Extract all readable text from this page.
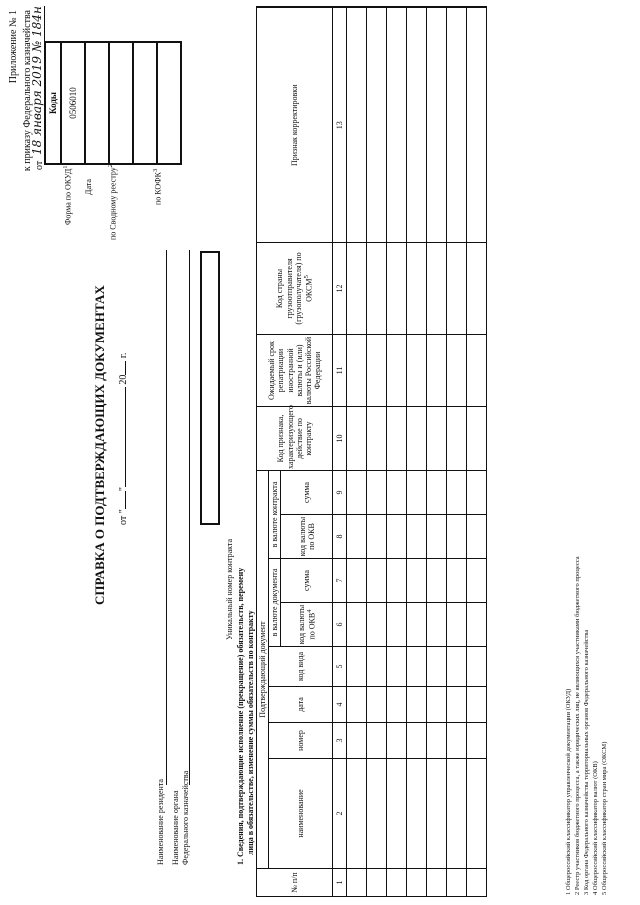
Приложение № 1 к приказу Федерального казначейства от
18 января 2019 № 184н Коды
0506010

Форма по ОКУД$^1$
Дата по Сводному реестру$^2$
по КОФК$^3$
СПРАВКА О ПОДТВЕРЖДАЮЩИХ ДОКУМЕНТАХ от "" 20 г.
Наименование резидента Наименование органа Федерального казначейства
Уникальный номер контракта 1. Сведения, подтверждающие исполнение (прекращение) обязательств, перемену лица в обязательстве, изменение суммы обязательств по контракту
№ п/п	Подтверждающий документ								Код признака, характеризующего действие по контракту	Ожидаемый срок репатриации иностранной валюты и (или) валюты Российской Федерации	Код страны грузоотправителя (грузополучателя) по ОКСМ$^5$	Признак корректировки
	наименование	номер	дата	код вида	в валюте документа		в валюте контракта					
					код валюты по ОКВ$^4$	сумма	код валюты по ОКВ	сумма				
1	2	3	4	5	6	7	8	9	10	11	12	13

1 Общероссийский классификатор управленческой документации (ОКУД) 2 Реестр участников бюджетного процесса, а также юридических лиц, не являющихся участниками бюджетного процесса 3 Код органа Федерального казначейства территориальных органов Федерального казначейства 4 Общероссийский классификатор валют (ОКВ) 5 Общероссийский классификатор стран мира (ОКСМ)
